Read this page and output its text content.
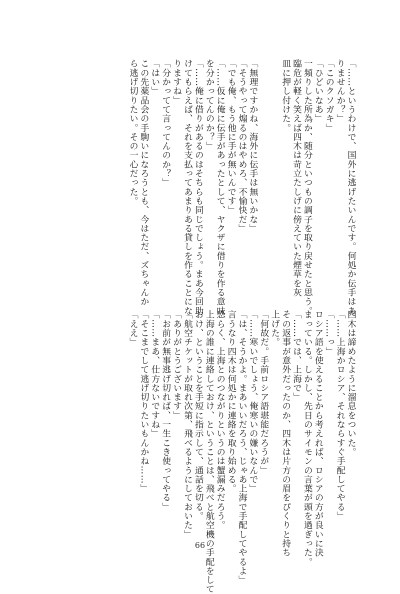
「……というわけで、国外に逃げたいんです。何処か伝手はあ
りませんか？」
「このクソガキ」
「ひどいなあ」
一頻りした所為か、随分といつもの調子を取り戻せたと思う。
臨危が軽く笑えば四木は苛立たしげに傍えていた煙草を灰
皿に押し付けた。
「無理ですかね、海外に伝手は無いかな」
「そうやって煽るのはやめろ、不愉快だ」
「でも俺、もう他に手が無いんです」
「……仮に俺に伝手があったとして、ヤクザに借りを作る意味
を分かってんのか？」
「……俺に借りがあるのはそちらも同じでしょう。まあ今回助
けてもらえば、それを支払ってあまりある貸しを作ることにな
りますね」
「分かってて言ってんのか？」
「はい」
この先薬品会の手駒いになろうとも、今はただ、ズちゃんか
ら逃げ切りたい。その一心だった。
四木は諦めたように溜息をついた。
「……上海かロシア、それならすぐ手配してやる」
「……っ」
ロシア語を使えることから考えれば、ロシアの方が良いに決
まっている。しかし、先日のサイモンの言葉が頭を過ぎった。
「……では、上海で」
その返事が意外だったのか、四木は片方の眉をぴくりと持ち
上げた。
「何故だ。手前ロシア語堪能だろうが」
「……寒いでしょう、俺寒いの嫌いなんで」
「は、そうかよ。まあいいだろう、じゃあ上海で手配してやるよ」
言うなり四木は何処かに連絡を取り始める。
恐らく、上海とのつながりというのは蟹漏みだろう。
上海の誰に連絡しておけ、ということは、飛べと航空機の手配をして
おけ、ということを手短に指示して、通話を切る。
「航空チケットが取れ次第、飛べるようにしておいた」
「ありがとうございます」
「お前が無事逃げ切れば、一生こき使ってやる」
「……まあ、仕方ないですね」
「そこまでして逃げ切りたいもんかね……」
「ええ」
66
